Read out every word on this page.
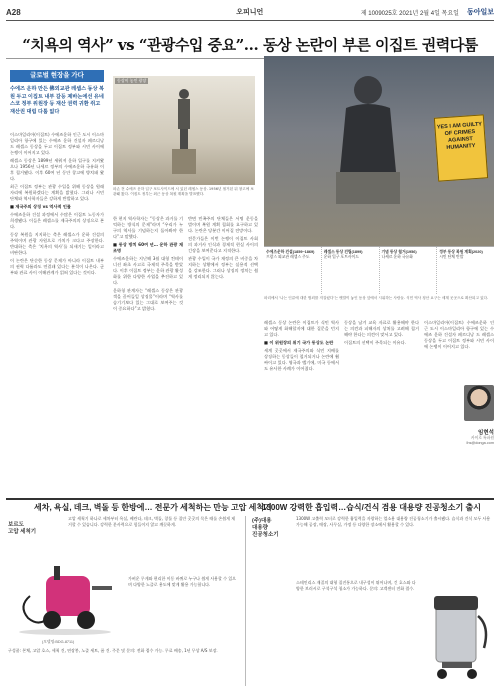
A28	오피니언	제 1009025호 2021년 2월 4일 목요일 동아일보
“치욕의 역사” vs “관광수입 중요”… 동상 논란이 부른 이집트 권력다툼
글로벌 현장을 가다
수에즈 운하 만든 佛외교관 레셉스 동상 복원 두고 이집트 내부 갈등 제바논에선 유네스코 정부 위원장 등 재산 권력 귀환 쥐고 재산권 대립 다툼 없다

이스마일리아(이집트) 수에즈운하 인근 도시 이스마일리아 항구에 있는 수에즈 운하 건설자 페르디낭 드 레셉스 동상을 두고 이집트 정부와 시민 사이에 논쟁이 이어지고 있다.

레셉스 동상은 1899년 세워져 운하 입구를 지켜왔으나 1956년 나세르 정부의 수에즈운하 국유화 이후 철거됐다. 이후 60여 년 동안 창고에 방치돼 왔다.

최근 이집트 정부는 관광 수입을 위해 동상을 원래 자리에 복원하겠다는 계획을 밝혔다. 그러나 시민 단체와 역사학자들은 강하게 반발하고 있다.

■ 제국주의 상징 vs 역사적 인물

수에즈운하 건설 과정에서 수많은 이집트 노동자가 희생됐다. 이들은 레셉스를 제국주의의 상징으로 본다.

동상 복원을 지지하는 측은 레셉스가 운하 건설의 주역이며 관광 자원으로 가치가 크다고 주장한다. 반대하는 측은 ‘치욕의 역사’를 되새기는 일이라고 비판한다.

이 논란은 단순한 동상 문제가 아니라 이집트 내부의 권력 다툼과도 연결돼 있다는 분석이 나온다. 군부와 관료 사이 이해관계가 얽혀 있다는 것이다.

동상이 놓인 광장
파손 전 수에즈 운하 입구 포트사이드에 서 있던 레셉스 동상. 1956년 철거된 뒤 창고에 보관돼 왔다. 이집트 정부는 최근 동상 복원 계획을 발표했다.

한 현지 역사학자는 “동상은 과거를 기억하는 방식의 문제”라며 “우리가 누구의 역사를 기념하는지 돌아봐야 한다”고 말했다.

■ 동상 방치 60여 년… 운하 관광 재조명

수에즈운하는 지난해 3월 대형 컨테이너선 좌초 사고로 국제적 주목을 받았다. 이후 이집트 정부는 운하 관광 활성화를 위한 다양한 사업을 추진하고 있다.

운하청 관계자는 “레셉스 동상은 관광객을 끌어들일 상징물”이라며 “역사를 숨기기보다 있는 그대로 보여주는 것이 중요하다”고 밝혔다.

반면 민족주의 단체들은 서명 운동을 벌이며 복원 계획 철회를 요구하고 있다. 논란은 당분간 이어질 전망이다.

전문가들은 이번 논쟁이 이집트 사회의 과거사 인식과 경제적 현실 사이의 긴장을 보여준다고 지적한다.

관광 수입이 국가 재정의 큰 비중을 차지하는 상황에서 정부는 실용적 선택을 강조한다. 그러나 상징의 정치는 쉽게 정리되지 않는다.

YES I AM GUILTY OF CRIMES AGAINST HUMANITY
수에즈운하 건설(1859~1869)
프랑스 외교관 레셉스 주도
레셉스 동상 건립(1899)
운하 입구 포트사이드
기념 동상 철거(1956)
나세르 운하 국유화
정부 동상 복원 계획(2020)
시민 단체 반발
파리에서 ‘나는 인류에 대한 범죄를 저질렀다’는 팻말이 놓인 동상 앞에서 시위하는 사람들. 식민 역사 청산 요구는 세계 곳곳으로 확산되고 있다.

레셉스 동상 논란은 이집트가 식민 역사와 어떻게 화해할지에 대한 질문을 던지고 있다.

■ 이 위원장의 위기 국가 동상도 논란

세계 곳곳에서 제국주의와 식민 지배를 상징하는 동상들이 철거되거나 논란에 휩싸이고 있다. 영국과 벨기에, 미국 등에서도 유사한 사례가 이어졌다.

동상을 남겨 교육 자료로 활용해야 한다는 의견과 피해자의 상처를 고려해 철거해야 한다는 의견이 맞서고 있다.

이집트의 선택이 주목되는 이유다.

이스마일리아(이집트) 수에즈운하 인근 도시 이스마일리아 항구에 있는 수에즈 운하 건설자 페르디낭 드 레셉스 동상을 두고 이집트 정부와 시민 사이에 논쟁이 이어지고 있다.

임현석
카이로 특파원
lhs@donga.com
세차, 욕실, 데크, 벽돌 등 한방에… 전문가 세척하는 만능 고압 세척기
1300W 강력한 흡입력…습식/건식 겸용 대용량 진공청소기 출시
보르도
고압 세척기
(모델명:BDG-8711)
고압 세척기 하나로 세차부터 욕실, 베란다, 데크, 벽돌, 창틀 등 집안 곳곳의 묵은 때를 손쉽게 제거할 수 있습니다. 강력한 분사력으로 힘들이지 않고 깨끗하게.
가벼운 무게와 편리한 이동 바퀴로 누구나 쉽게 사용할 수 있으며 다양한 노즐로 용도에 맞게 활용 가능합니다.
구성품: 본체, 고압 호스, 세척 건, 연장봉, 노즐 세트, 폼 건. 주문 및 문의: 전화 접수 가능. 무료 배송, 1년 무상 A/S 보장.
(주)대용
대용량
진공청소기
1300W 고출력 모터로 강력한 흡입력을 자랑하는 업소용 대용량 진공청소기가 출시됐다. 습식과 건식 모두 사용 가능해 공장, 매장, 사무실, 가정 등 다양한 장소에서 활용할 수 있다.
스테인리스 재질의 대형 집진통으로 내구성이 뛰어나며, 긴 호스와 다양한 브러시로 구석구석 청소가 가능하다. 문의: 고객센터 전화 접수.
